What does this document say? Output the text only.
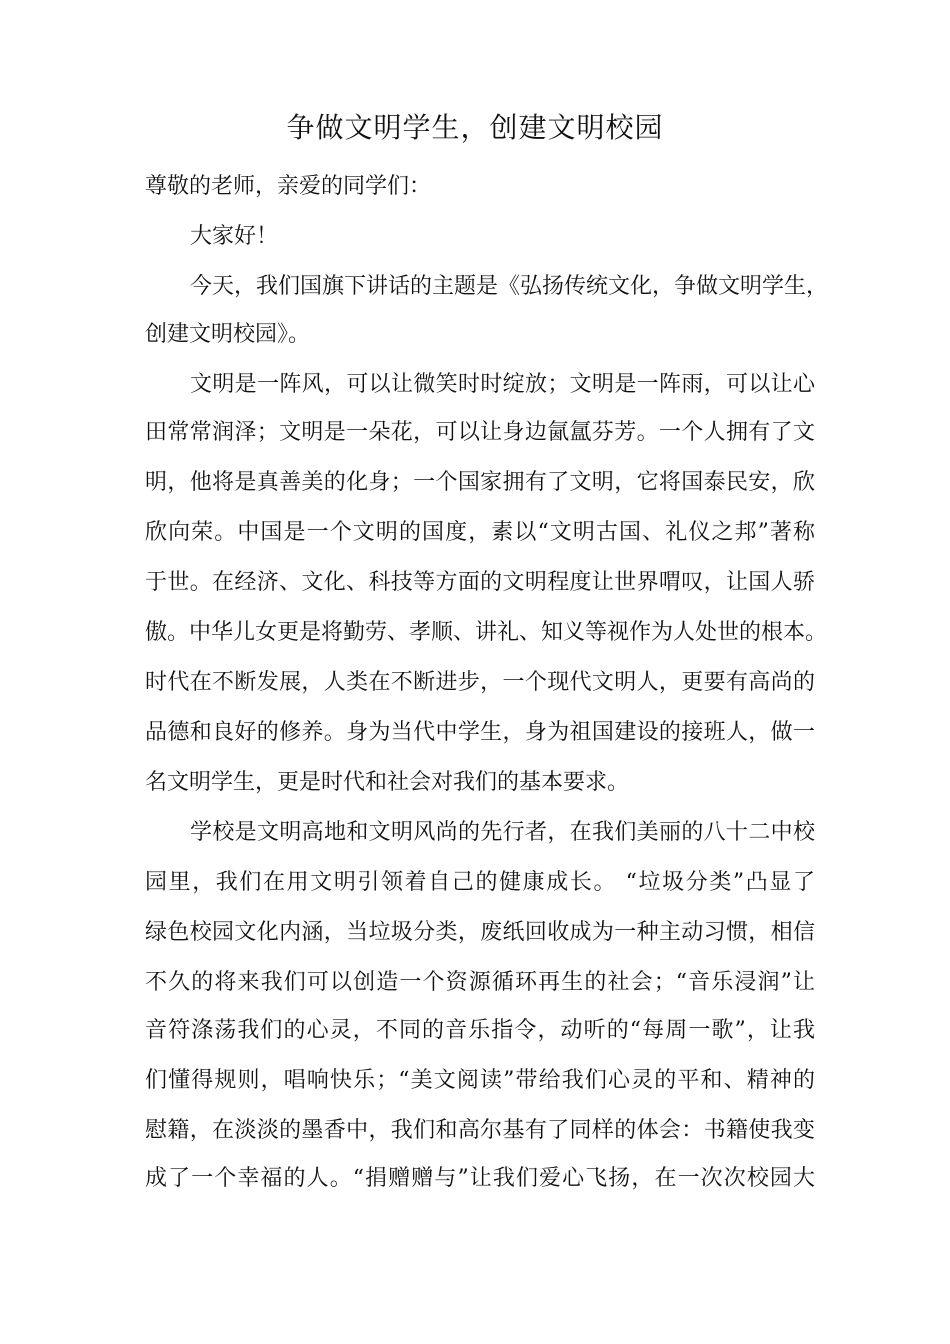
争做文明学生，创建文明校园

尊敬的老师，亲爱的同学们：

大家好！

今天，我们国旗下讲话的主题是《弘扬传统文化，争做文明学生，

创建文明校园》。

文明是一阵风，可以让微笑时时绽放；文明是一阵雨，可以让心

田常常润泽；文明是一朵花，可以让身边氤氲芬芳。一个人拥有了文

明，他将是真善美的化身；一个国家拥有了文明，它将国泰民安，欣

欣向荣。中国是一个文明的国度，素以“文明古国、礼仪之邦”著称

于世。在经济、文化、科技等方面的文明程度让世界喟叹，让国人骄

傲。中华儿女更是将勤劳、孝顺、讲礼、知义等视作为人处世的根本。

时代在不断发展，人类在不断进步，一个现代文明人，更要有高尚的

品德和良好的修养。身为当代中学生，身为祖国建设的接班人，做一

名文明学生，更是时代和社会对我们的基本要求。

学校是文明高地和文明风尚的先行者，在我们美丽的八十二中校

园里，我们在用文明引领着自己的健康成长。 “垃圾分类”凸显了

绿色校园文化内涵，当垃圾分类，废纸回收成为一种主动习惯，相信

不久的将来我们可以创造一个资源循环再生的社会；“音乐浸润”让

音符涤荡我们的心灵，不同的音乐指令，动听的“每周一歌”，让我

们懂得规则，唱响快乐；“美文阅读”带给我们心灵的平和、精神的

慰籍，在淡淡的墨香中，我们和高尔基有了同样的体会：书籍使我变

成了一个幸福的人。“捐赠赠与”让我们爱心飞扬，在一次次校园大
